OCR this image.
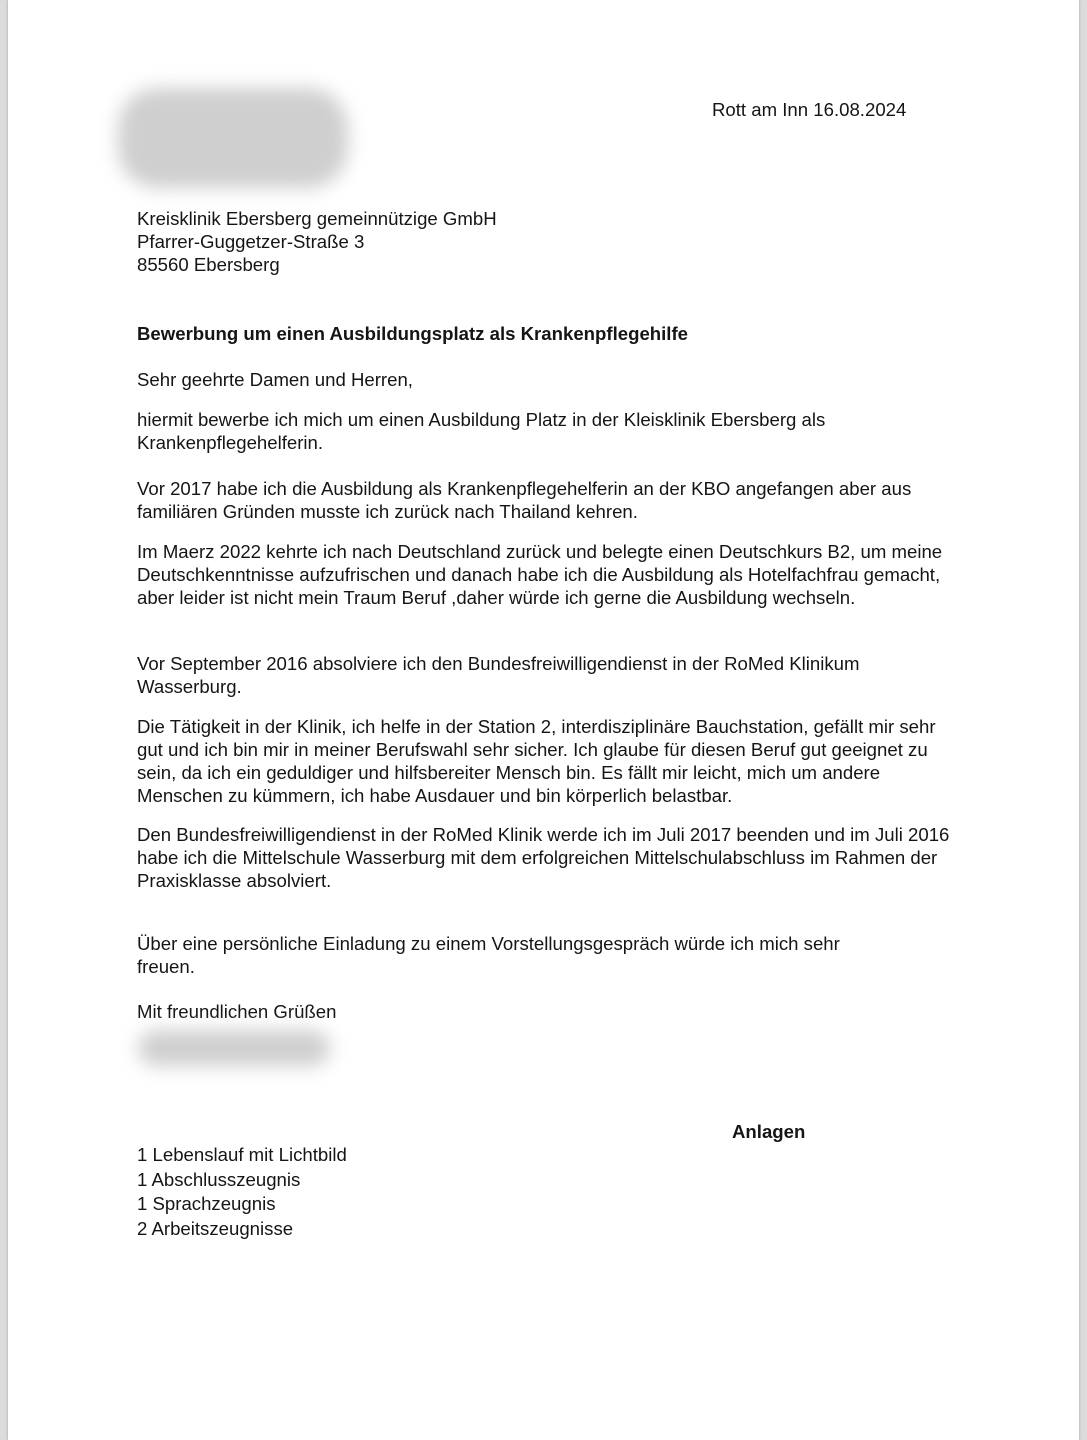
Rott am Inn 16.08.2024
Kreisklinik Ebersberg gemeinnützige GmbH
Pfarrer-Guggetzer-Straße 3
85560 Ebersberg
Bewerbung um einen Ausbildungsplatz als Krankenpflegehilfe
Sehr geehrte Damen und Herren,
hiermit bewerbe ich mich um einen Ausbildung Platz in der Kleisklinik Ebersberg als Krankenpflegehelferin.
Vor 2017 habe ich die Ausbildung als Krankenpflegehelferin an der KBO angefangen aber aus familiären Gründen musste ich zurück nach Thailand kehren.
Im Maerz 2022 kehrte ich nach Deutschland zurück und belegte einen Deutschkurs B2, um meine Deutschkenntnisse aufzufrischen und danach habe ich die Ausbildung als Hotelfachfrau gemacht, aber leider ist nicht mein Traum Beruf ,daher würde ich gerne die Ausbildung wechseln.
Vor September 2016 absolviere ich den Bundesfreiwilligendienst in der RoMed Klinikum Wasserburg.
Die Tätigkeit in der Klinik, ich helfe in der Station 2, interdisziplinäre Bauchstation, gefällt mir sehr gut und ich bin mir in meiner Berufswahl sehr sicher. Ich glaube für diesen Beruf gut geeignet zu sein, da ich ein geduldiger und hilfsbereiter Mensch bin. Es fällt mir leicht, mich um andere Menschen zu kümmern, ich habe Ausdauer und bin körperlich belastbar.
Den Bundesfreiwilligendienst in der RoMed Klinik werde ich im Juli 2017 beenden und im Juli 2016 habe ich die Mittelschule Wasserburg mit dem erfolgreichen Mittelschulabschluss im Rahmen der Praxisklasse absolviert.
Über eine persönliche Einladung zu einem Vorstellungsgespräch würde ich mich sehr freuen.
Mit freundlichen Grüßen
Anlagen
1 Lebenslauf mit Lichtbild
1 Abschlusszeugnis
1 Sprachzeugnis
2 Arbeitszeugnisse
